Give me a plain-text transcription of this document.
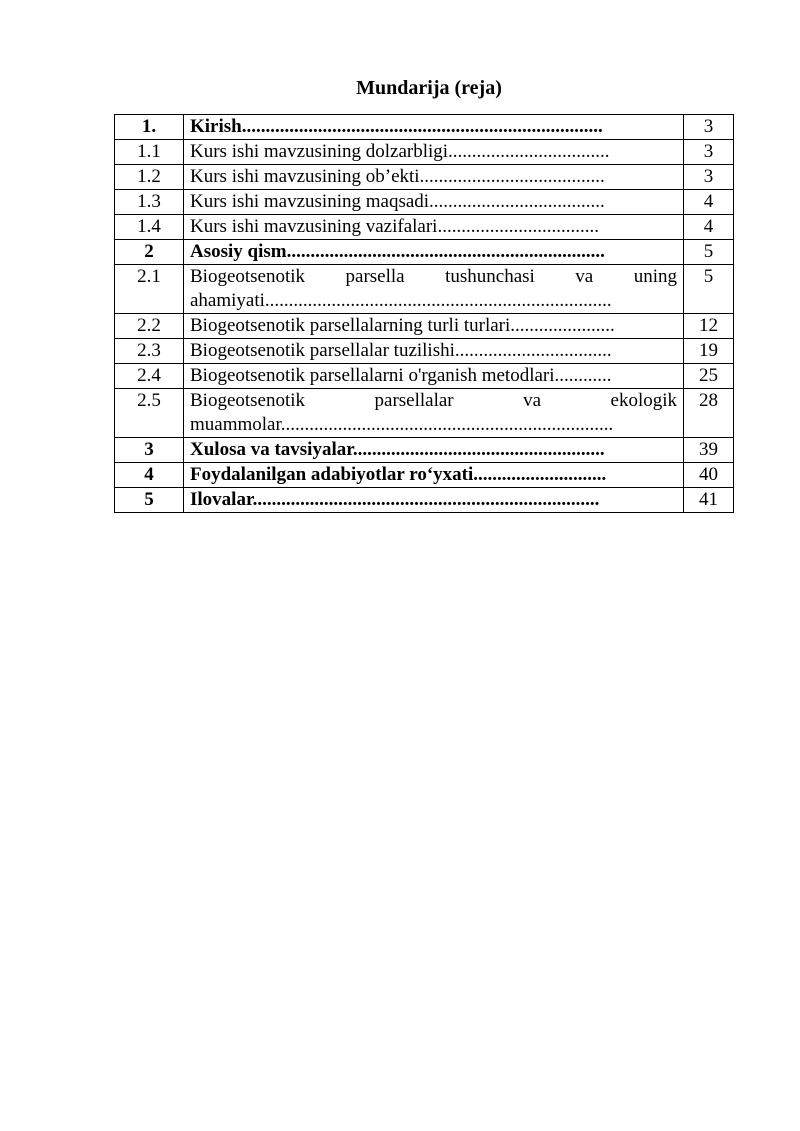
Mundarija (reja)
1.	Kirish............................................................................	3
1.1	Kurs ishi mavzusining dolzarbligi..................................	3
1.2	Kurs ishi mavzusining ob’ekti.......................................	3
1.3	Kurs ishi mavzusining maqsadi.....................................	4
1.4	Kurs ishi mavzusining vazifalari..................................	4
2	Asosiy qism...................................................................	5
2.1	Biogeotsenotik parsella tushunchasi va uning ahamiyati.........................................................................	5
2.2	Biogeotsenotik parsellalarning turli turlari......................	12
2.3	Biogeotsenotik parsellalar tuzilishi.................................	19
2.4	Biogeotsenotik parsellalarni o'rganish metodlari............	25
2.5	Biogeotsenotik parsellalar va ekologik muammolar......................................................................	28
3	Xulosa va tavsiyalar.....................................................	39
4	Foydalanilgan adabiyotlar ro‘yxati............................	40
5	Ilovalar.........................................................................	41
